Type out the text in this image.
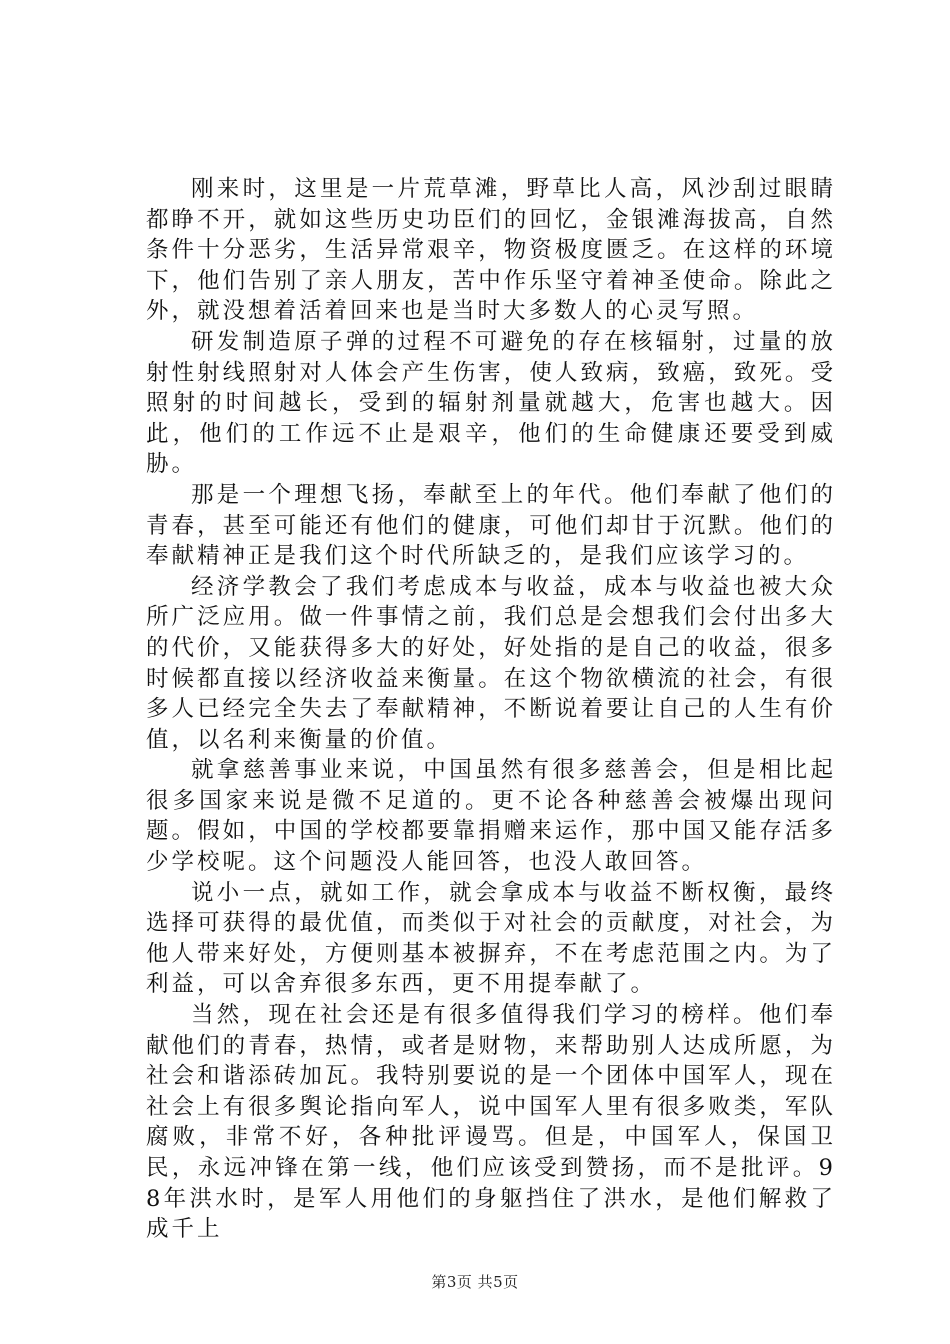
刚来时，这里是一片荒草滩，野草比人高，风沙刮过眼睛都睁不开，就如这些历史功臣们的回忆，金银滩海拔高，自然条件十分恶劣，生活异常艰辛，物资极度匮乏。在这样的环境下，他们告别了亲人朋友，苦中作乐坚守着神圣使命。除此之外，就没想着活着回来也是当时大多数人的心灵写照。

研发制造原子弹的过程不可避免的存在核辐射，过量的放射性射线照射对人体会产生伤害，使人致病，致癌，致死。受照射的时间越长，受到的辐射剂量就越大，危害也越大。因此，他们的工作远不止是艰辛，他们的生命健康还要受到威胁。

那是一个理想飞扬，奉献至上的年代。他们奉献了他们的青春，甚至可能还有他们的健康，可他们却甘于沉默。他们的奉献精神正是我们这个时代所缺乏的，是我们应该学习的。

经济学教会了我们考虑成本与收益，成本与收益也被大众所广泛应用。做一件事情之前，我们总是会想我们会付出多大的代价，又能获得多大的好处，好处指的是自己的收益，很多时候都直接以经济收益来衡量。在这个物欲横流的社会，有很多人已经完全失去了奉献精神，不断说着要让自己的人生有价值，以名利来衡量的价值。

就拿慈善事业来说，中国虽然有很多慈善会，但是相比起很多国家来说是微不足道的。更不论各种慈善会被爆出现问题。假如，中国的学校都要靠捐赠来运作，那中国又能存活多少学校呢。这个问题没人能回答，也没人敢回答。

说小一点，就如工作，就会拿成本与收益不断权衡，最终选择可获得的最优值，而类似于对社会的贡献度，对社会，为他人带来好处，方便则基本被摒弃，不在考虑范围之内。为了利益，可以舍弃很多东西，更不用提奉献了。

当然，现在社会还是有很多值得我们学习的榜样。他们奉献他们的青春，热情，或者是财物，来帮助别人达成所愿，为社会和谐添砖加瓦。我特别要说的是一个团体中国军人，现在社会上有很多舆论指向军人，说中国军人里有很多败类，军队腐败，非常不好，各种批评谩骂。但是，中国军人，保国卫民，永远冲锋在第一线，他们应该受到赞扬，而不是批评。98年洪水时，是军人用他们的身躯挡住了洪水，是他们解救了成千上

第3页 共5页
